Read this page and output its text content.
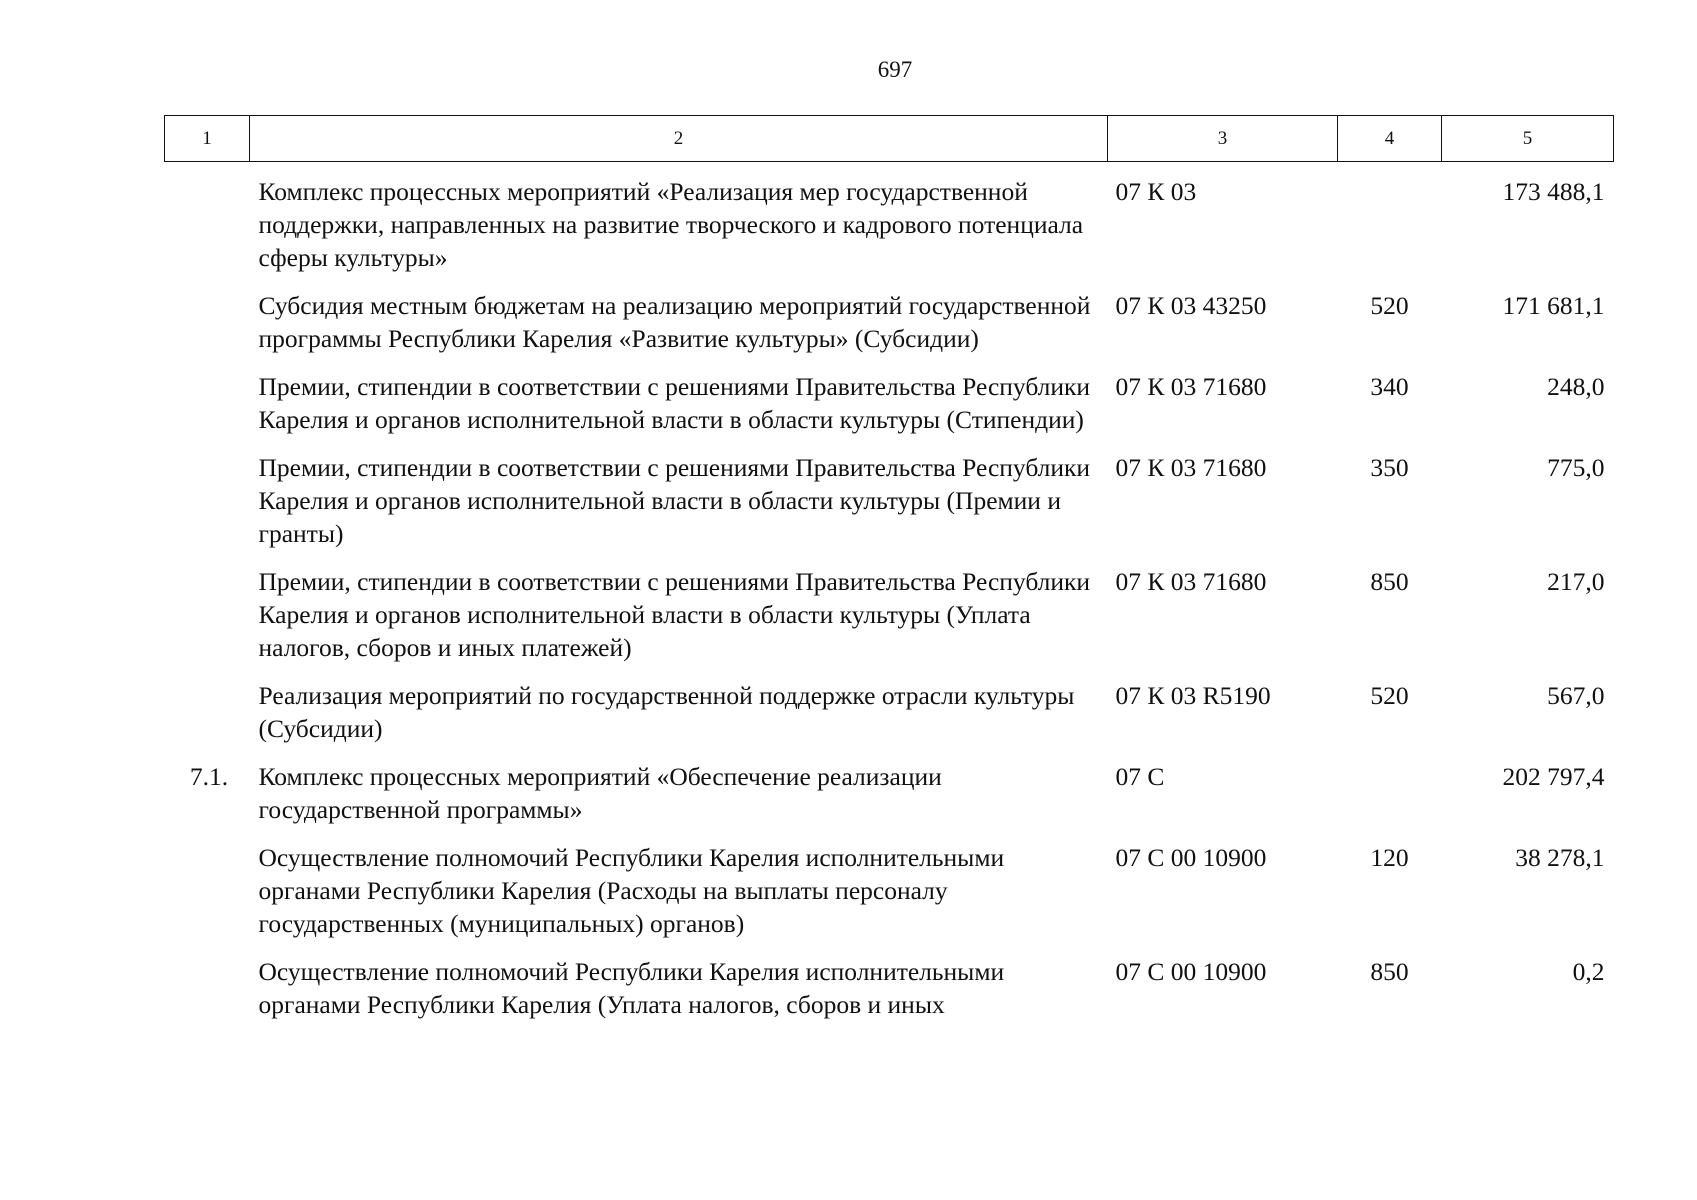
697
1	2	3	4	5
	Комплекс процессных мероприятий «Реализация мер государственной поддержки, направленных на развитие творческого и кадрового потенциала сферы культуры»	07 К 03		173 488,1
	Субсидия местным бюджетам на реализацию мероприятий государственной программы Республики Карелия «Развитие культуры» (Субсидии)	07 К 03 43250	520	171 681,1
	Премии, стипендии в соответствии с решениями Правительства Республики Карелия и органов исполнительной власти в области культуры (Стипендии)	07 К 03 71680	340	248,0
	Премии, стипендии в соответствии с решениями Правительства Республики Карелия и органов исполнительной власти в области культуры (Премии и гранты)	07 К 03 71680	350	775,0
	Премии, стипендии в соответствии с решениями Правительства Республики Карелия и органов исполнительной власти в области культуры (Уплата налогов, сборов и иных платежей)	07 К 03 71680	850	217,0
	Реализация мероприятий по государственной поддержке отрасли культуры (Субсидии)	07 К 03 R5190	520	567,0
7.1.	Комплекс процессных мероприятий «Обеспечение реализации государственной программы»	07 С		202 797,4
	Осуществление полномочий Республики Карелия исполнительными органами Республики Карелия (Расходы на выплаты персоналу государственных (муниципальных) органов)	07 С 00 10900	120	38 278,1
	Осуществление полномочий Республики Карелия исполнительными органами Республики Карелия (Уплата налогов, сборов и иных	07 С 00 10900	850	0,2
